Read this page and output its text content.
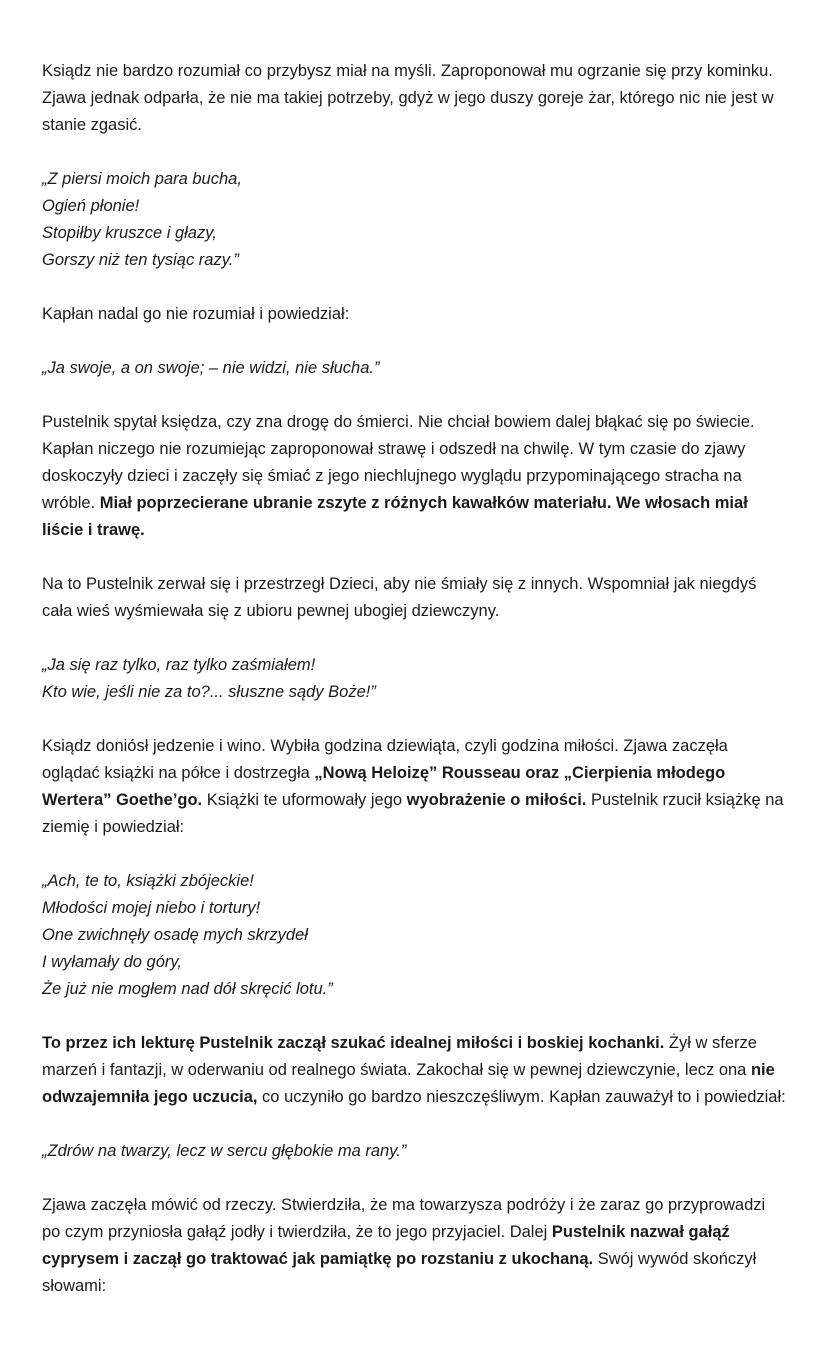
Ksiądz nie bardzo rozumiał co przybysz miał na myśli. Zaproponował mu ogrzanie się przy kominku. Zjawa jednak odparła, że nie ma takiej potrzeby, gdyż w jego duszy goreje żar, którego nic nie jest w stanie zgasić.

„Z piersi moich para bucha,
Ogień płonie!
Stopiłby kruszce i głazy,
Gorszy niż ten tysiąc razy.”

Kapłan nadal go nie rozumiał i powiedział:

„Ja swoje, a on swoje; – nie widzi, nie słucha.”

Pustelnik spytał księdza, czy zna drogę do śmierci. Nie chciał bowiem dalej błąkać się po świecie. Kapłan niczego nie rozumiejąc zaproponował strawę i odszedł na chwilę. W tym czasie do zjawy doskoczyły dzieci i zaczęły się śmiać z jego niechlujnego wyglądu przypominającego stracha na wróble. Miał poprzecierane ubranie zszyte z różnych kawałków materiału. We włosach miał liście i trawę.

Na to Pustelnik zerwał się i przestrzegł Dzieci, aby nie śmiały się z innych. Wspomniał jak niegdyś cała wieś wyśmiewała się z ubioru pewnej ubogiej dziewczyny.

„Ja się raz tylko, raz tylko zaśmiałem!
Kto wie, jeśli nie za to?... słuszne sądy Boże!”

Ksiądz doniósł jedzenie i wino. Wybiła godzina dziewiąta, czyli godzina miłości. Zjawa zaczęła oglądać książki na półce i dostrzegła „Nową Heloizę” Rousseau oraz „Cierpienia młodego Wertera” Goethe’go. Książki te uformowały jego wyobrażenie o miłości. Pustelnik rzucił książkę na ziemię i powiedział:

„Ach, te to, książki zbójeckie!
Młodości mojej niebo i tortury!
One zwichnęły osadę mych skrzydeł
I wyłamały do góry,
Że już nie mogłem nad dół skręcić lotu.”

To przez ich lekturę Pustelnik zaczął szukać idealnej miłości i boskiej kochanki. Żył w sferze marzeń i fantazji, w oderwaniu od realnego świata. Zakochał się w pewnej dziewczynie, lecz ona nie odwzajemniła jego uczucia, co uczyniło go bardzo nieszczęśliwym. Kapłan zauważył to i powiedział:

„Zdrów na twarzy, lecz w sercu głębokie ma rany.”

Zjawa zaczęła mówić od rzeczy. Stwierdziła, że ma towarzysza podróży i że zaraz go przyprowadzi po czym przyniosła gałąź jodły i twierdziła, że to jego przyjaciel. Dalej Pustelnik nazwał gałąź cyprysem i zaczął go traktować jak pamiątkę po rozstaniu z ukochaną. Swój wywód skończył słowami:
